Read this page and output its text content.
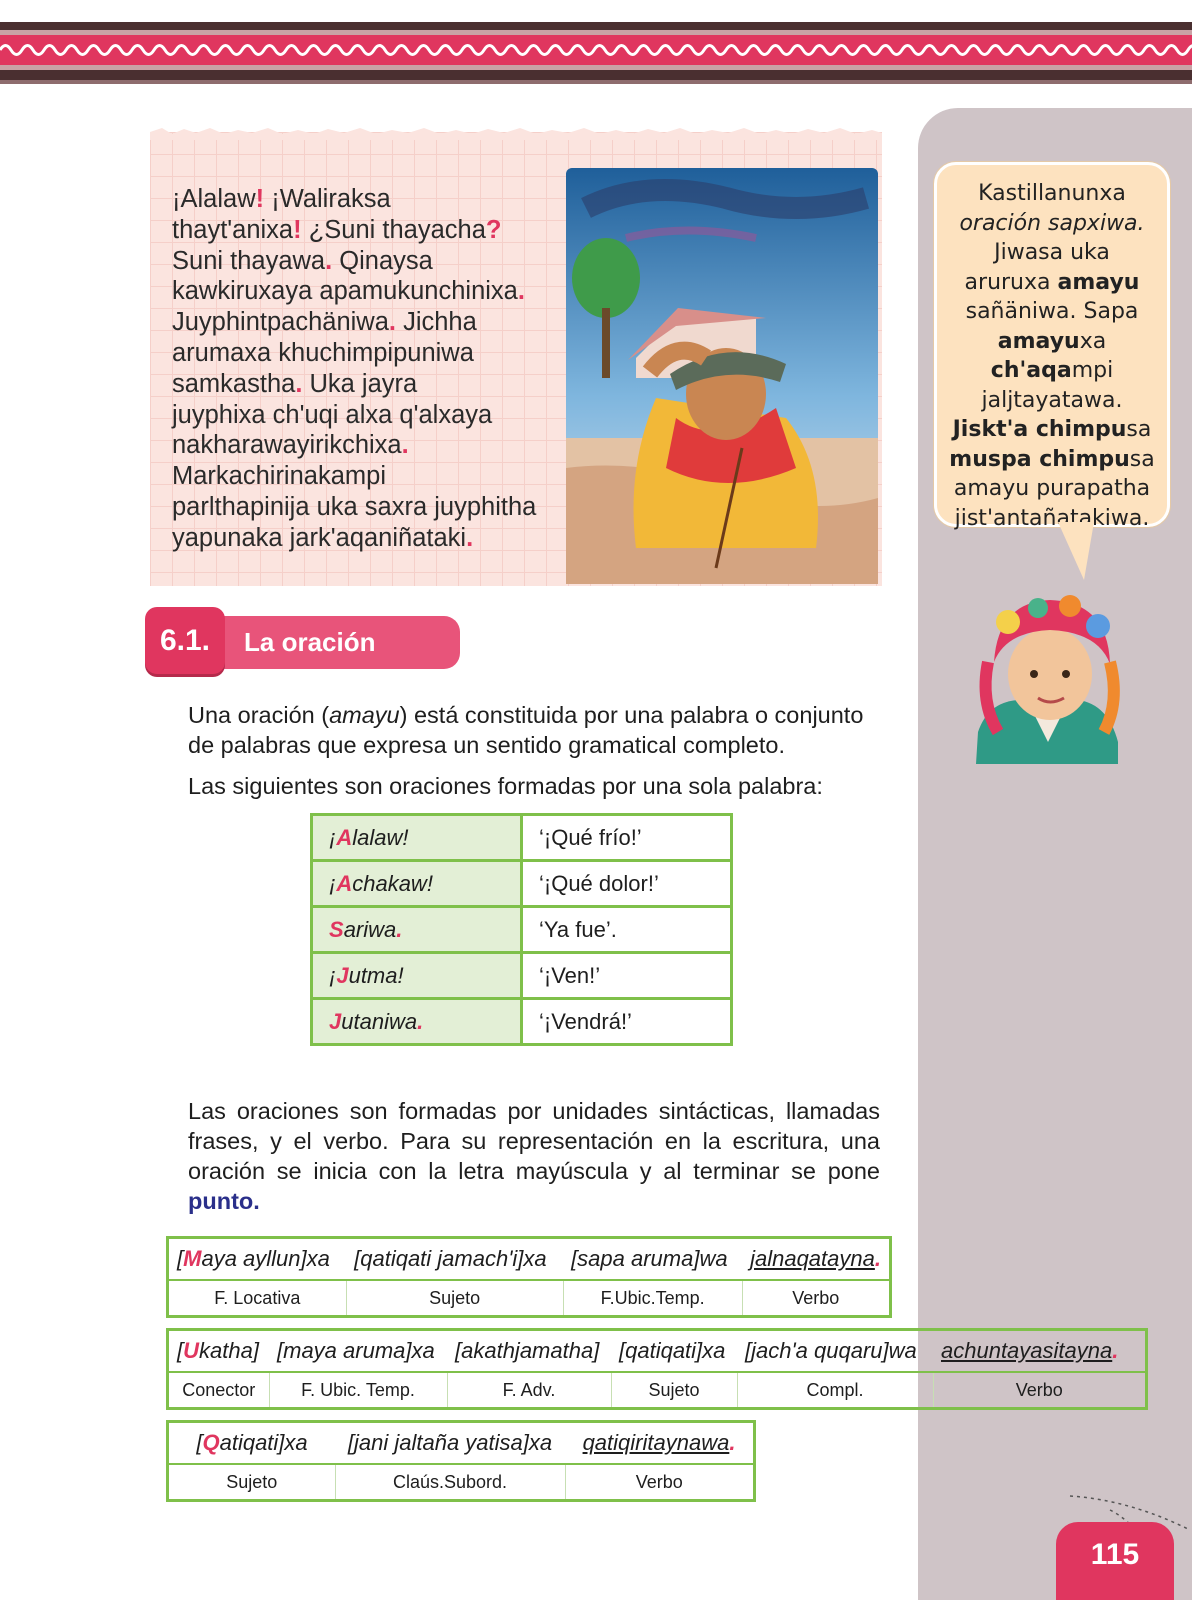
Kastillanunxa
oración sapxiwa.
Jiwasa uka
aruruxa amayu
sañäniwa. Sapa
amayuxa ch'aqampi
jaljtayatawa.
Jiskt'a chimpusa
muspa chimpusa
amayu purapatha
jist'antañatakiwa.
¡Alalaw! ¡Waliraksa
thayt'anixa! ¿Suni thayacha?
Suni thayawa. Qinaysa
kawkiruxaya apamukunchinixa.
Juyphintpachäniwa. Jichha
arumaxa khuchimpipuniwa
samkastha. Uka jayra
juyphixa ch'uqi alxa q'alxaya
nakharawayirikchixa.
Markachirinakampi
parlthapinija uka saxra juyphitha
yapunaka jark'aqaniñataki.
La oración
6.1.
Una oración (amayu) está constituida por una palabra o conjunto de palabras que expresa un sentido gramatical completo.
Las siguientes son oraciones formadas por una sola palabra:
¡Alalaw!	‘¡Qué frío!’
¡Achakaw!	‘¡Qué dolor!’
Sariwa.	‘Ya fue’.
¡Jutma!	‘¡Ven!’
Jutaniwa.	‘¡Vendrá!’
Las oraciones son formadas por unidades sintácticas, llamadas frases, y el verbo. Para su representación en la escritura, una oración se inicia con la letra mayúscula y al terminar se pone punto.
[Maya ayllun]xa	[qatiqati jamach'i]xa	[sapa aruma]wa	jalnaqatayna.
F. Locativa	Sujeto	F.Ubic.Temp.	Verbo
[Ukatha]	[maya aruma]xa	[akathjamatha]	[qatiqati]xa	[jach'a quqaru]wa	achuntayasitayna.
Conector	F. Ubic. Temp.	F. Adv.	Sujeto	Compl.	Verbo
[Qatiqati]xa	[jani jaltaña yatisa]xa	qatiqiritaynawa.
Sujeto	Claús.Subord.	Verbo
115
